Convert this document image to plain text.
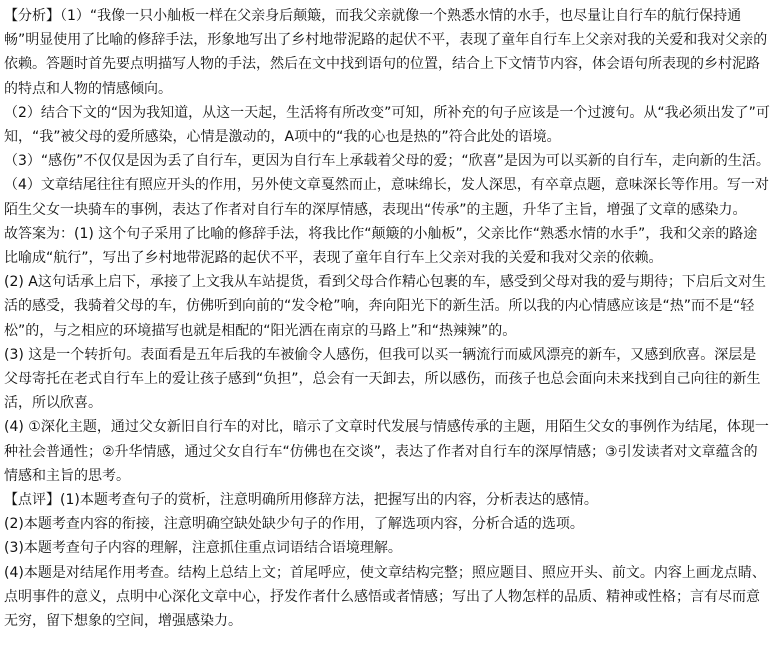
【分析】（1）“我像一只小舢板一样在父亲身后颠簸，而我父亲就像一个熟悉水情的水手，也尽量让自行车的航行保持通畅”明显使用了比喻的修辞手法，形象地写出了乡村地带泥路的起伏不平，表现了童年自行车上父亲对我的关爱和我对父亲的依赖。答题时首先要点明描写人物的手法，然后在文中找到语句的位置，结合上下文情节内容，体会语句所表现的乡村泥路的特点和人物的情感倾向。

（2）结合下文的“因为我知道，从这一天起，生活将有所改变”可知，所补充的句子应该是一个过渡句。从“我必须出发了”可知，“我”被父母的爱所感染，心情是激动的，A项中的“我的心也是热的”符合此处的语境。

（3）“感伤”不仅仅是因为丢了自行车，更因为自行车上承载着父母的爱；“欣喜”是因为可以买新的自行车，走向新的生活。

（4）文章结尾往往有照应开头的作用，另外使文章戛然而止，意味绵长，发人深思，有卒章点题，意味深长等作用。写一对陌生父女一块骑车的事例，表达了作者对自行车的深厚情感，表现出“传承”的主题，升华了主旨，增强了文章的感染力。

故答案为：(1) 这个句子采用了比喻的修辞手法，将我比作“颠簸的小舢板”，父亲比作“熟悉水情的水手”，我和父亲的路途比喻成“航行”，写出了乡村地带泥路的起伏不平，表现了童年自行车上父亲对我的关爱和我对父亲的依赖。

(2) A这句话承上启下，承接了上文我从车站提货，看到父母合作精心包裹的车，感受到父母对我的爱与期待；下启后文对生活的感受，我骑着父母的车，仿佛听到向前的“发令枪”响，奔向阳光下的新生活。所以我的内心情感应该是“热”而不是“轻松”的，与之相应的环境描写也就是相配的“阳光洒在南京的马路上”和“热辣辣”的。

(3) 这是一个转折句。表面看是五年后我的车被偷令人感伤，但我可以买一辆流行而威风漂亮的新车，又感到欣喜。深层是父母寄托在老式自行车上的爱让孩子感到“负担”，总会有一天卸去，所以感伤，而孩子也总会面向未来找到自己向往的新生活，所以欣喜。

(4) ①深化主题，通过父女新旧自行车的对比，暗示了文章时代发展与情感传承的主题，用陌生父女的事例作为结尾，体现一种社会普通性；②升华情感，通过父女自行车“仿佛也在交谈”，表达了作者对自行车的深厚情感；③引发读者对文章蕴含的情感和主旨的思考。

【点评】(1)本题考查句子的赏析，注意明确所用修辞方法，把握写出的内容，分析表达的感情。

(2)本题考查内容的衔接，注意明确空缺处缺少句子的作用，了解选项内容，分析合适的选项。

(3)本题考查句子内容的理解，注意抓住重点词语结合语境理解。

(4)本题是对结尾作用考查。结构上总结上文；首尾呼应，使文章结构完整；照应题目、照应开头、前文。内容上画龙点睛、点明事件的意义，点明中心深化文章中心，抒发作者什么感悟或者情感；写出了人物怎样的品质、精神或性格；言有尽而意无穷，留下想象的空间，增强感染力。
